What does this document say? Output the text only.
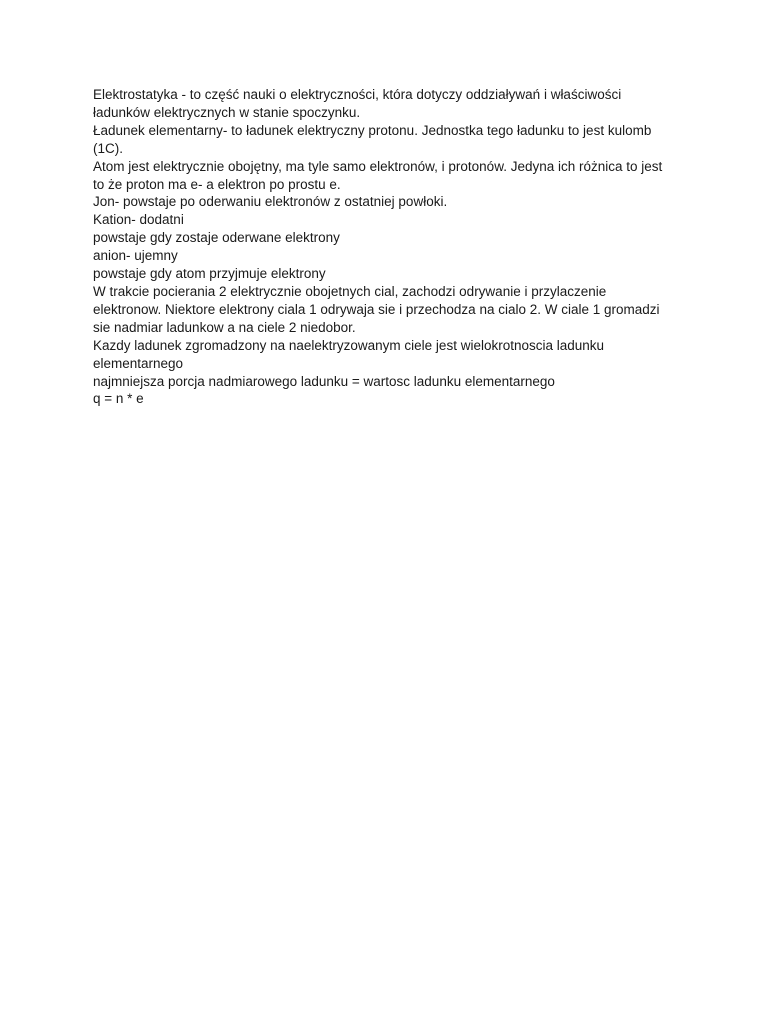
Elektrostatyka - to część nauki o elektryczności, która dotyczy oddziaływań i właściwości ładunków elektrycznych w stanie spoczynku.

Ładunek elementarny- to ładunek elektryczny protonu. Jednostka tego ładunku to jest kulomb (1C).

Atom jest elektrycznie obojętny, ma tyle samo elektronów, i protonów. Jedyna ich różnica to jest to że proton ma e- a elektron po prostu e.

Jon- powstaje po oderwaniu elektronów z ostatniej powłoki.

Kation- dodatni

powstaje gdy zostaje oderwane elektrony

anion- ujemny

powstaje gdy atom przyjmuje elektrony

W trakcie pocierania 2 elektrycznie obojetnych cial, zachodzi odrywanie i przylaczenie elektronow. Niektore elektrony ciala 1 odrywaja sie i przechodza na cialo 2. W ciale 1 gromadzi sie nadmiar ladunkow a na ciele 2 niedobor.

Kazdy ladunek zgromadzony na naelektryzowanym ciele jest wielokrotnoscia ladunku elementarnego

najmniejsza porcja nadmiarowego ladunku = wartosc ladunku elementarnego

q = n * e
